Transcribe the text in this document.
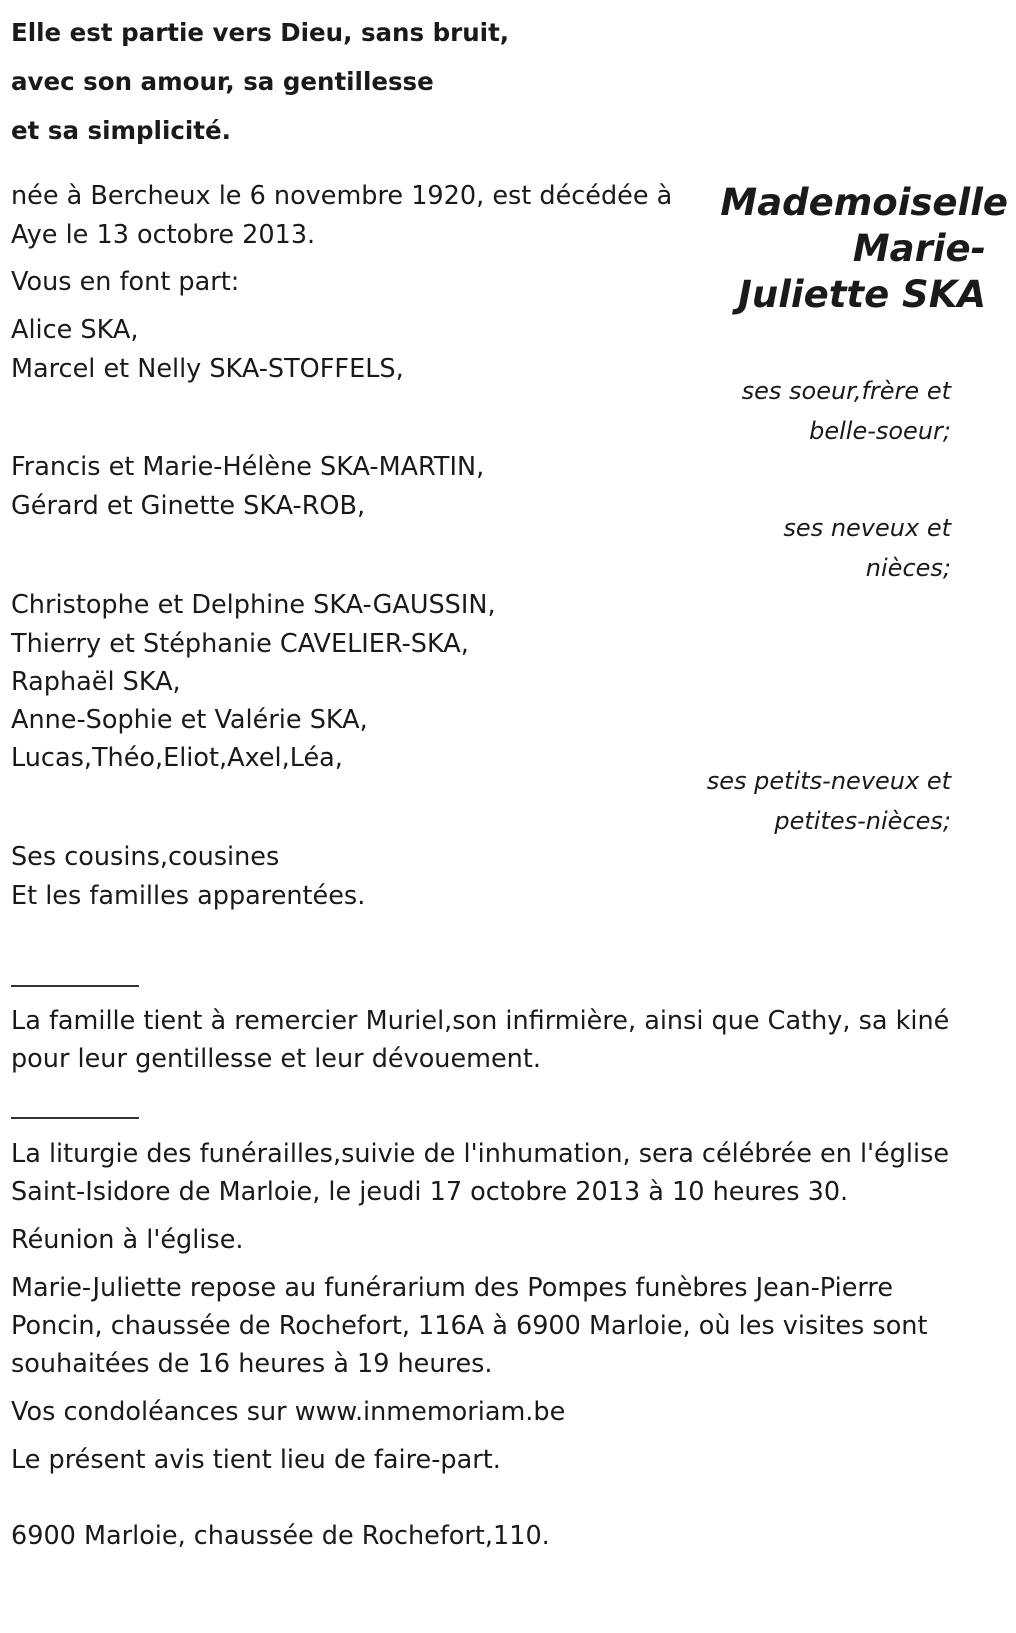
Elle est partie vers Dieu, sans bruit,
avec son amour, sa gentillesse
et sa simplicité.
Mademoiselle
Marie-
Juliette SKA
née à Bercheux le 6 novembre 1920, est décédée à
Aye le 13 octobre 2013.
Vous en font part:
Alice SKA,
Marcel et Nelly SKA-STOFFELS,
ses soeur,frère et
belle-soeur;
Francis et Marie-Hélène SKA-MARTIN,
Gérard et Ginette SKA-ROB,
ses neveux et
nièces;
Christophe et Delphine SKA-GAUSSIN,
Thierry et Stéphanie CAVELIER-SKA,
Raphaël SKA,
Anne-Sophie et Valérie SKA,
Lucas,Théo,Eliot,Axel,Léa,
ses petits-neveux et
petites-nièces;
Ses cousins,cousines
Et les familles apparentées.
La famille tient à remercier Muriel,son infirmière, ainsi que Cathy, sa kiné
pour leur gentillesse et leur dévouement.
La liturgie des funérailles,suivie de l'inhumation, sera célébrée en l'église
Saint-Isidore de Marloie, le jeudi 17 octobre 2013 à 10 heures 30.
Réunion à l'église.
Marie-Juliette repose au funérarium des Pompes funèbres Jean-Pierre
Poncin, chaussée de Rochefort, 116A à 6900 Marloie, où les visites sont
souhaitées de 16 heures à 19 heures.
Vos condoléances sur www.inmemoriam.be
Le présent avis tient lieu de faire-part.
6900 Marloie, chaussée de Rochefort,110.
